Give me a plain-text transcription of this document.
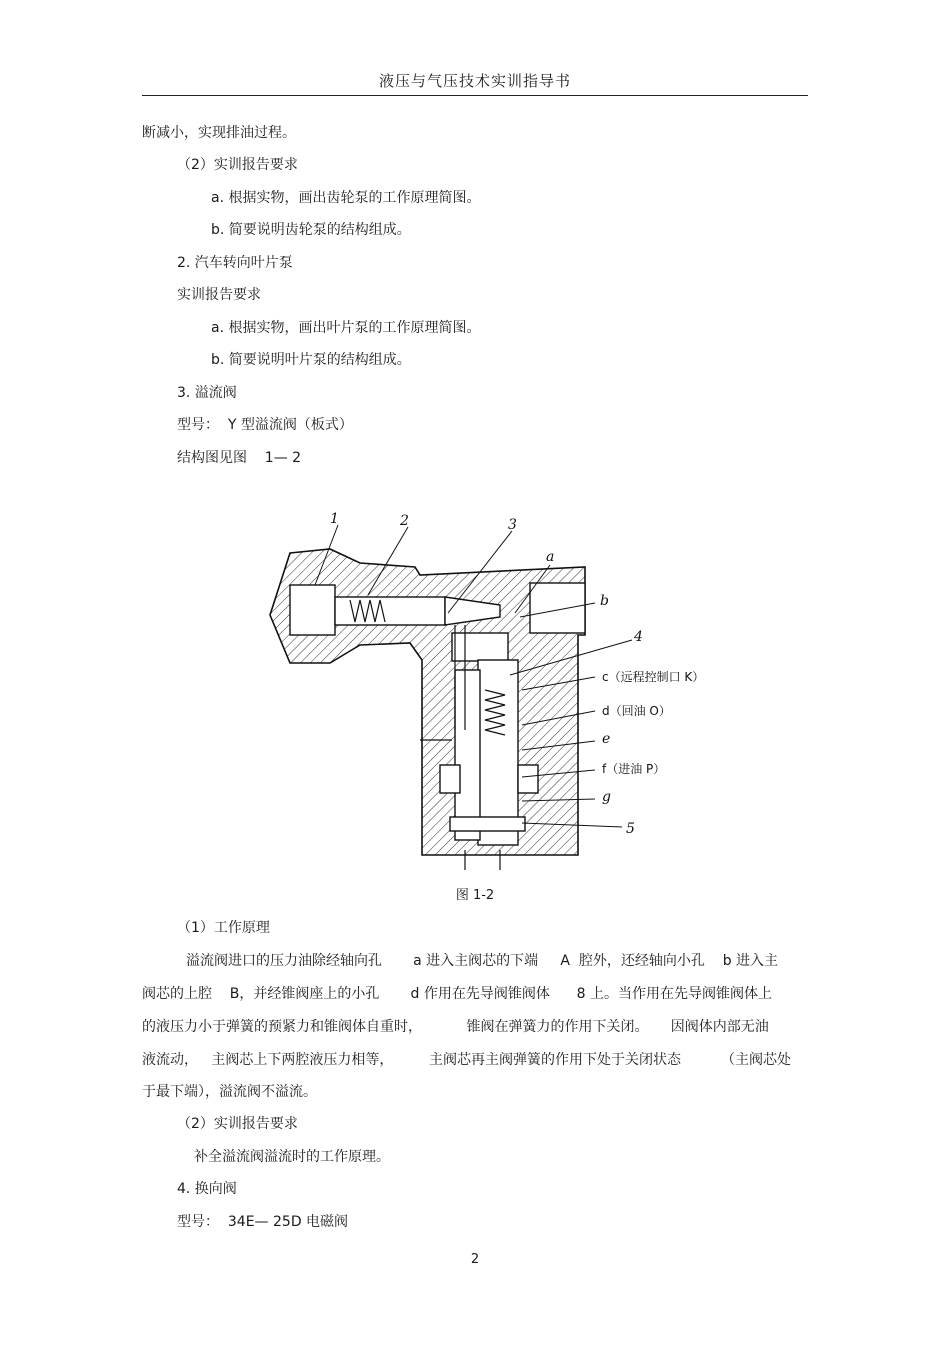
液压与气压技术实训指导书
断减小，实现排油过程。
（2）实训报告要求
a. 根据实物，画出齿轮泵的工作原理简图。
b. 简要说明齿轮泵的结构组成。
2. 汽车转向叶片泵
实训报告要求
a. 根据实物，画出叶片泵的工作原理简图。
b. 简要说明叶片泵的结构组成。
3. 溢流阀
型号：  Y 型溢流阀（板式）
结构图见图    1— 2
1	2	3
a
b
4
c（远程控制口 K）
d（回油 O）
e
f（进油 P）
g
5
图 1-2
（1）工作原理
溢流阀进口的压力油除经轴向孔       a 进入主阀芯的下端     A  腔外，还经轴向小孔    b 进入主
阀芯的上腔    B，并经锥阀座上的小孔       d 作用在先导阀锥阀体      8 上。当作用在先导阀锥阀体上
的液压力小于弹簧的预紧力和锥阀体自重时，          锥阀在弹簧力的作用下关闭。     因阀体内部无油
液流动，   主阀芯上下两腔液压力相等，        主阀芯再主阀弹簧的作用下处于关闭状态         （主阀芯处
于最下端），溢流阀不溢流。
（2）实训报告要求
补全溢流阀溢流时的工作原理。
4. 换向阀
型号：  34E— 25D 电磁阀
2
